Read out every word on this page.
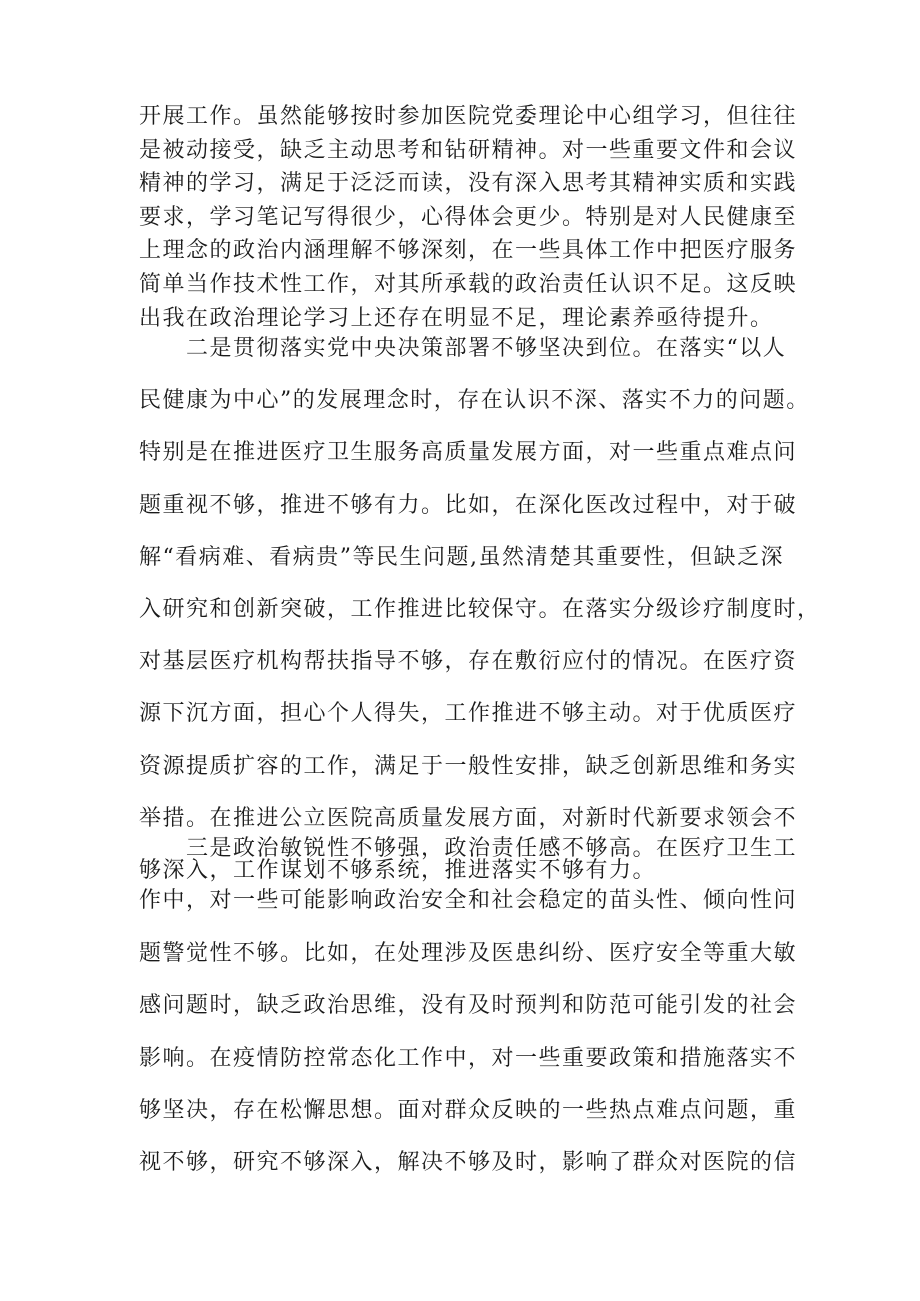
开展工作。虽然能够按时参加医院党委理论中心组学习，但往往
是被动接受，缺乏主动思考和钻研精神。对一些重要文件和会议
精神的学习，满足于泛泛而读，没有深入思考其精神实质和实践
要求，学习笔记写得很少，心得体会更少。特别是对人民健康至
上理念的政治内涵理解不够深刻，在一些具体工作中把医疗服务
简单当作技术性工作，对其所承载的政治责任认识不足。这反映
出我在政治理论学习上还存在明显不足，理论素养亟待提升。
二是贯彻落实党中央决策部署不够坚决到位。在落实“以人
民健康为中心”的发展理念时，存在认识不深、落实不力的问题。
特别是在推进医疗卫生服务高质量发展方面，对一些重点难点问
题重视不够，推进不够有力。比如，在深化医改过程中，对于破
解“看病难、看病贵”等民生问题,虽然清楚其重要性，但缺乏深
入研究和创新突破，工作推进比较保守。在落实分级诊疗制度时，
对基层医疗机构帮扶指导不够，存在敷衍应付的情况。在医疗资
源下沉方面，担心个人得失，工作推进不够主动。对于优质医疗
资源提质扩容的工作，满足于一般性安排，缺乏创新思维和务实
举措。在推进公立医院高质量发展方面，对新时代新要求领会不
够深入，工作谋划不够系统，推进落实不够有力。
三是政治敏锐性不够强，政治责任感不够高。在医疗卫生工
作中，对一些可能影响政治安全和社会稳定的苗头性、倾向性问
题警觉性不够。比如，在处理涉及医患纠纷、医疗安全等重大敏
感问题时，缺乏政治思维，没有及时预判和防范可能引发的社会
影响。在疫情防控常态化工作中，对一些重要政策和措施落实不
够坚决，存在松懈思想。面对群众反映的一些热点难点问题，重
视不够，研究不够深入，解决不够及时，影响了群众对医院的信
